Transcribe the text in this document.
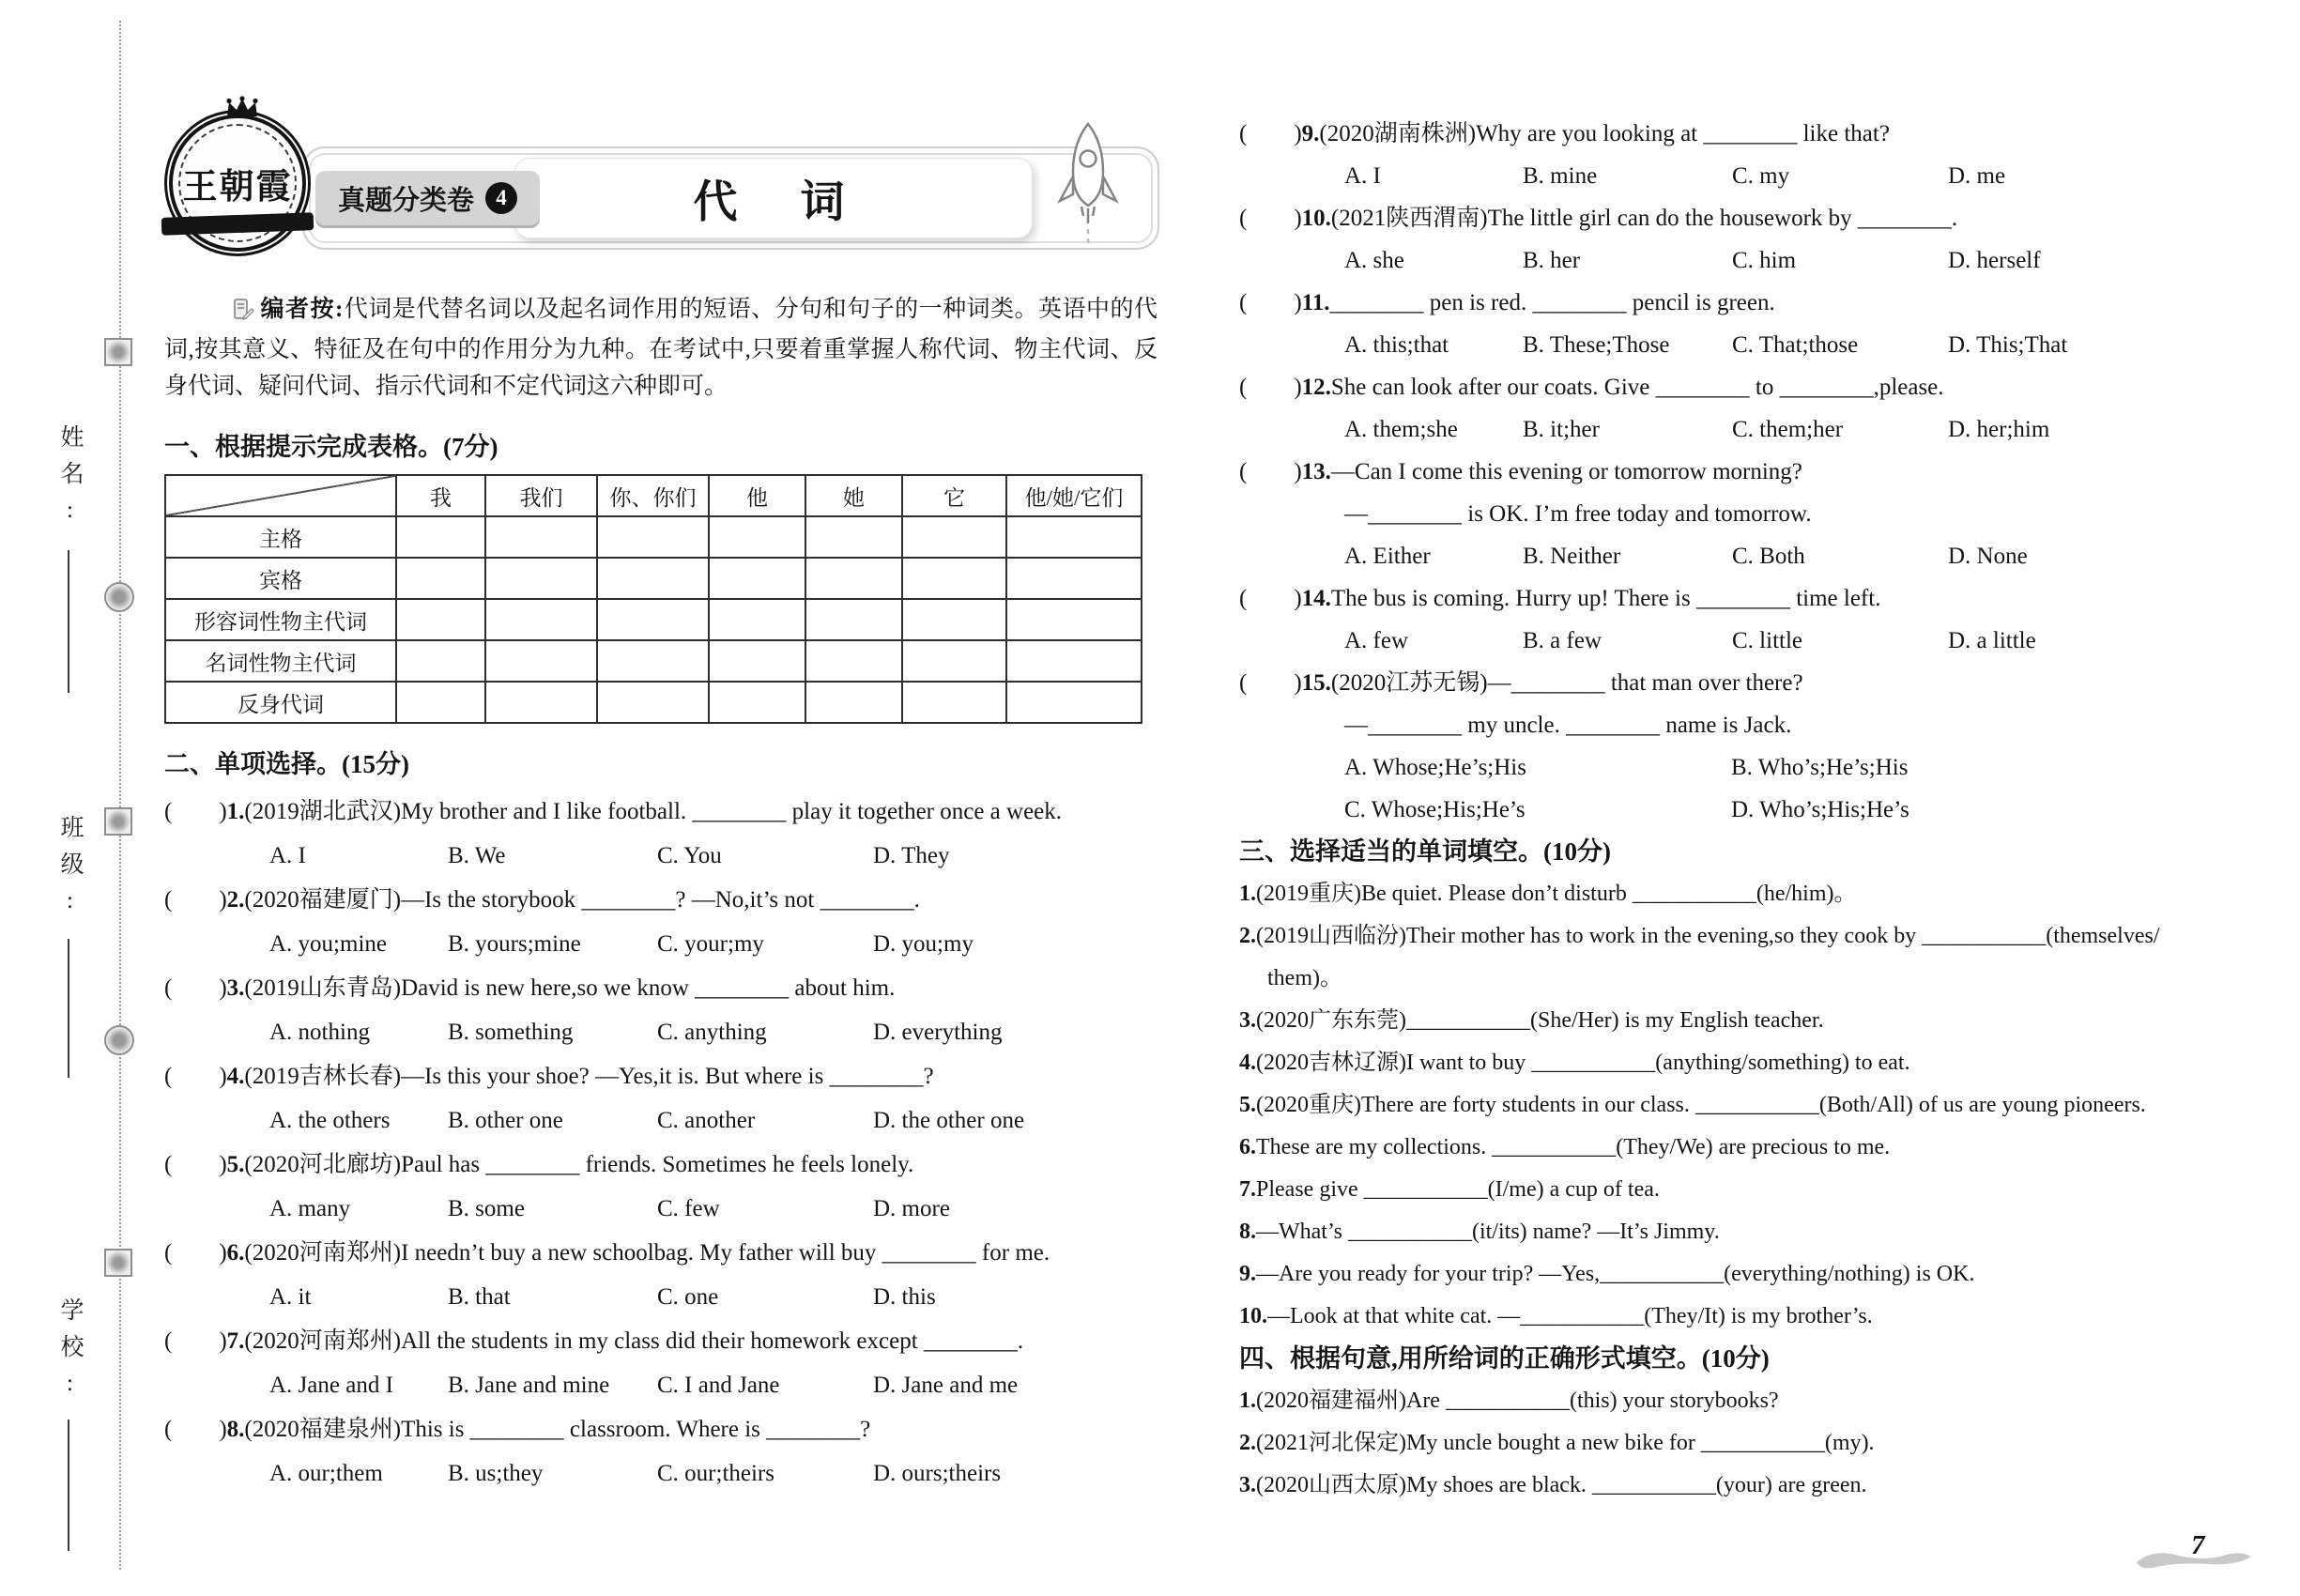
姓名:
班级:
学校:
真题分类卷	4	代　词
王朝霞

编者按:代词是代替名词以及起名词作用的短语、分句和句子的一种词类。英语中的代词,按其意义、特征及在句中的作用分为九种。在考试中,只要着重掌握人称代词、物主代词、反身代词、疑问代词、指示代词和不定代词这六种即可。

一、根据提示完成表格。(7分)
	我	我们	你、你们	他	她	它	他/她/它们
主格							
宾格							
形容词性物主代词							
名词性物主代词							
反身代词							
二、单项选择。(15分)
(  )1.(2019湖北武汉)My brother and I like football. ________ play it together once a week.
A. I	B. We	C. You	D. They
(  )2.(2020福建厦门)—Is the storybook ________? —No,it’s not ________.
A. you;mine	B. yours;mine	C. your;my	D. you;my
(  )3.(2019山东青岛)David is new here,so we know ________ about him.
A. nothing	B. something	C. anything	D. everything
(  )4.(2019吉林长春)—Is this your shoe? —Yes,it is. But where is ________?
A. the others	B. other one	C. another	D. the other one
(  )5.(2020河北廊坊)Paul has ________ friends. Sometimes he feels lonely.
A. many	B. some	C. few	D. more
(  )6.(2020河南郑州)I needn’t buy a new schoolbag. My father will buy ________ for me.
A. it	B. that	C. one	D. this
(  )7.(2020河南郑州)All the students in my class did their homework except ________.
A. Jane and I	B. Jane and mine	C. I and Jane	D. Jane and me
(  )8.(2020福建泉州)This is ________ classroom. Where is ________?
A. our;them	B. us;they	C. our;theirs	D. ours;theirs
(  )9.(2020湖南株洲)Why are you looking at ________ like that?
A. I	B. mine	C. my	D. me
(  )10.(2021陕西渭南)The little girl can do the housework by ________.
A. she	B. her	C. him	D. herself
(  )11.________ pen is red. ________ pencil is green.
A. this;that	B. These;Those	C. That;those	D. This;That
(  )12.She can look after our coats. Give ________ to ________,please.
A. them;she	B. it;her	C. them;her	D. her;him
(  )13.—Can I come this evening or tomorrow morning?
—________ is OK. I’m free today and tomorrow.
A. Either	B. Neither	C. Both	D. None
(  )14.The bus is coming. Hurry up! There is ________ time left.
A. few	B. a few	C. little	D. a little
(  )15.(2020江苏无锡)—________ that man over there?
—________ my uncle. ________ name is Jack.
A. Whose;He’s;His	B. Who’s;He’s;His
C. Whose;His;He’s	D. Who’s;His;He’s
三、选择适当的单词填空。(10分)
1.(2019重庆)Be quiet. Please don’t disturb ___________(he/him)。
2.(2019山西临汾)Their mother has to work in the evening,so they cook by ___________(themselves/
them)。
3.(2020广东东莞)___________(She/Her) is my English teacher.
4.(2020吉林辽源)I want to buy ___________(anything/something) to eat.
5.(2020重庆)There are forty students in our class. ___________(Both/All) of us are young pioneers.
6.These are my collections. ___________(They/We) are precious to me.
7.Please give ___________(I/me) a cup of tea.
8.—What’s ___________(it/its) name? —It’s Jimmy.
9.—Are you ready for your trip? —Yes,___________(everything/nothing) is OK.
10.—Look at that white cat. —___________(They/It) is my brother’s.
四、根据句意,用所给词的正确形式填空。(10分)
1.(2020福建福州)Are ___________(this) your storybooks?
2.(2021河北保定)My uncle bought a new bike for ___________(my).
3.(2020山西太原)My shoes are black. ___________(your) are green.
7
